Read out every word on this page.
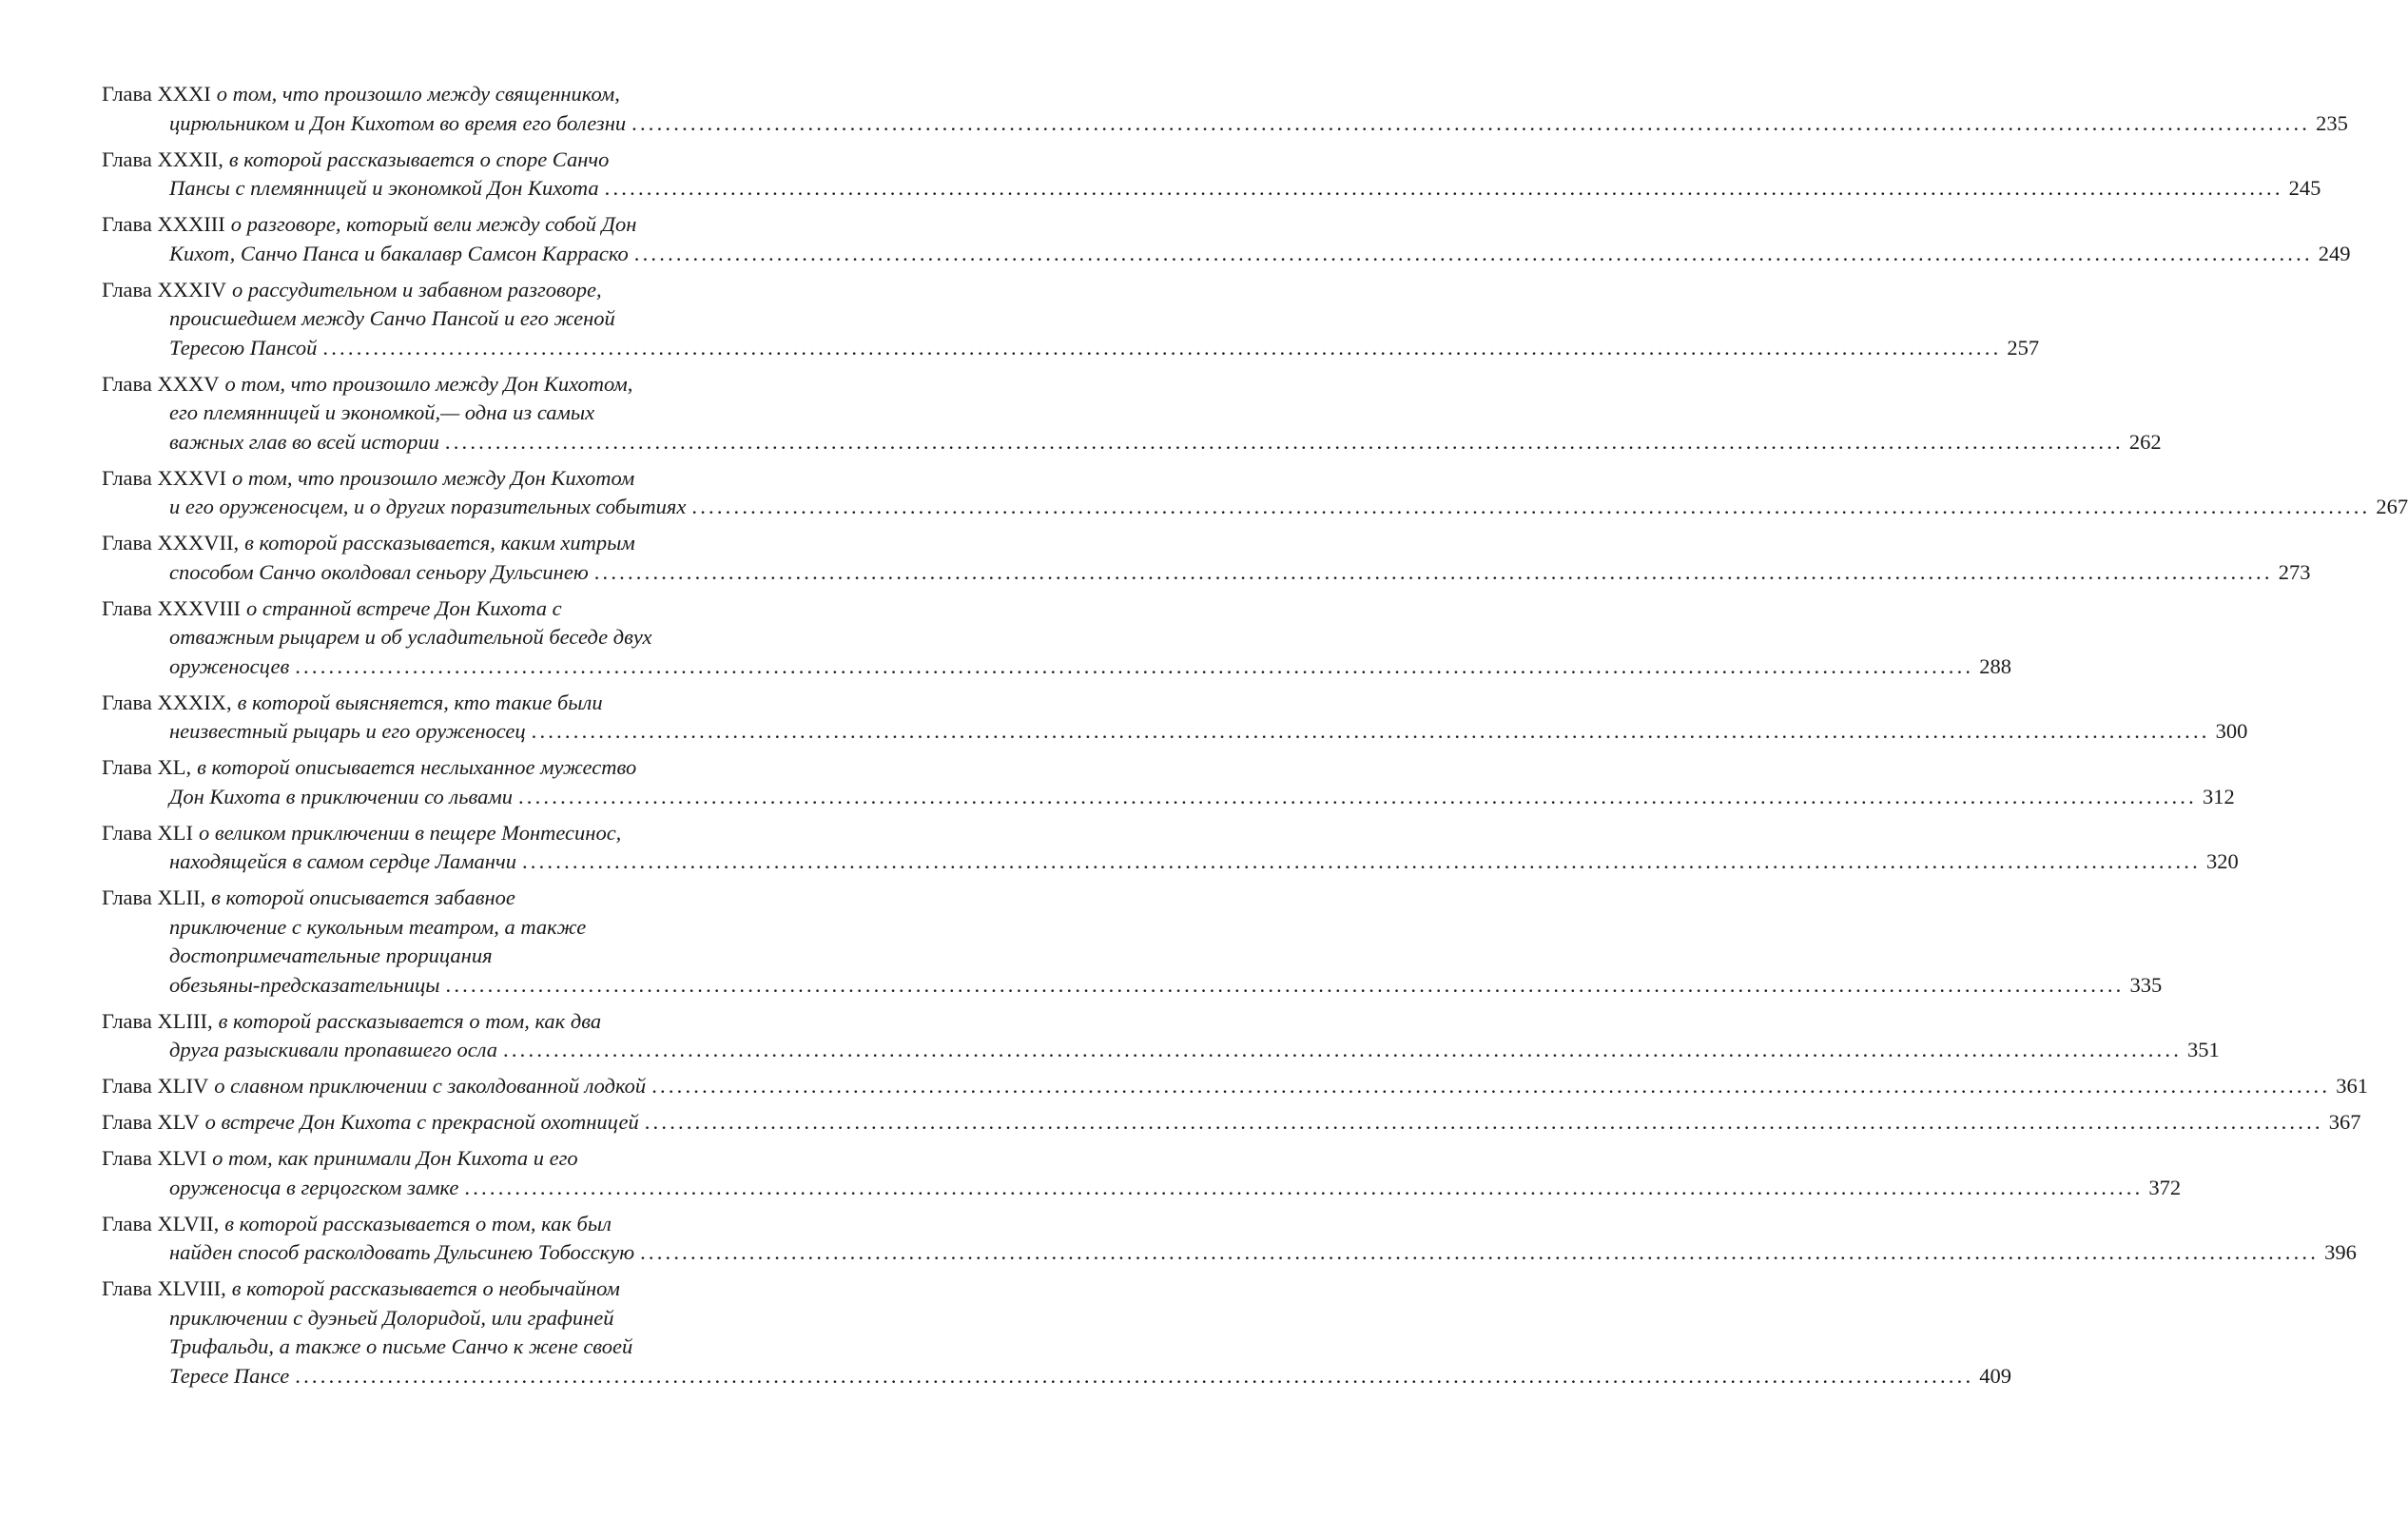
Глава XXXI о том, что произошло между священником,
цирюльником и Дон Кихотом во время его болезни ........................................................................................................................................................................................................ 235
Глава XXXII, в которой рассказывается о споре Санчо
Пансы с племянницей и экономкой Дон Кихота ........................................................................................................................................................................................................ 245
Глава XXXIII о разговоре, который вели между собой Дон
Кихот, Санчо Панса и бакалавр Самсон Карраско ........................................................................................................................................................................................................ 249
Глава XXXIV о рассудительном и забавном разговоре,
происшедшем между Санчо Пансой и его женой
Тересою Пансой ........................................................................................................................................................................................................ 257
Глава XXXV о том, что произошло между Дон Кихотом,
его племянницей и экономкой,— одна из самых
важных глав во всей истории ........................................................................................................................................................................................................ 262
Глава XXXVI о том, что произошло между Дон Кихотом
и его оруженосцем, и о других поразительных событиях ........................................................................................................................................................................................................ 267
Глава XXXVII, в которой рассказывается, каким хитрым
способом Санчо околдовал сеньору Дульсинею ........................................................................................................................................................................................................ 273
Глава XXXVIII о странной встрече Дон Кихота с
отважным рыцарем и об усладительной беседе двух
оруженосцев ........................................................................................................................................................................................................ 288
Глава XXXIX, в которой выясняется, кто такие были
неизвестный рыцарь и его оруженосец ........................................................................................................................................................................................................ 300
Глава XL, в которой описывается неслыханное мужество
Дон Кихота в приключении со львами ........................................................................................................................................................................................................ 312
Глава XLI о великом приключении в пещере Монтесинос,
находящейся в самом сердце Ламанчи ........................................................................................................................................................................................................ 320
Глава XLII, в которой описывается забавное
приключение с кукольным театром, а также
достопримечательные прорицания
обезьяны-предсказательницы ........................................................................................................................................................................................................ 335
Глава XLIII, в которой рассказывается о том, как два
друга разыскивали пропавшего осла ........................................................................................................................................................................................................ 351
Глава XLIV о славном приключении с заколдованной лодкой ........................................................................................................................................................................................................ 361
Глава XLV о встрече Дон Кихота с прекрасной охотницей ........................................................................................................................................................................................................ 367
Глава XLVI о том, как принимали Дон Кихота и его
оруженосца в герцогском замке ........................................................................................................................................................................................................ 372
Глава XLVII, в которой рассказывается о том, как был
найден способ расколдовать Дульсинею Тобосскую ........................................................................................................................................................................................................ 396
Глава XLVIII, в которой рассказывается о необычайном
приключении с дуэньей Долоридой, или графиней
Трифальди, а также о письме Санчо к жене своей
Тересе Пансе ........................................................................................................................................................................................................ 409
